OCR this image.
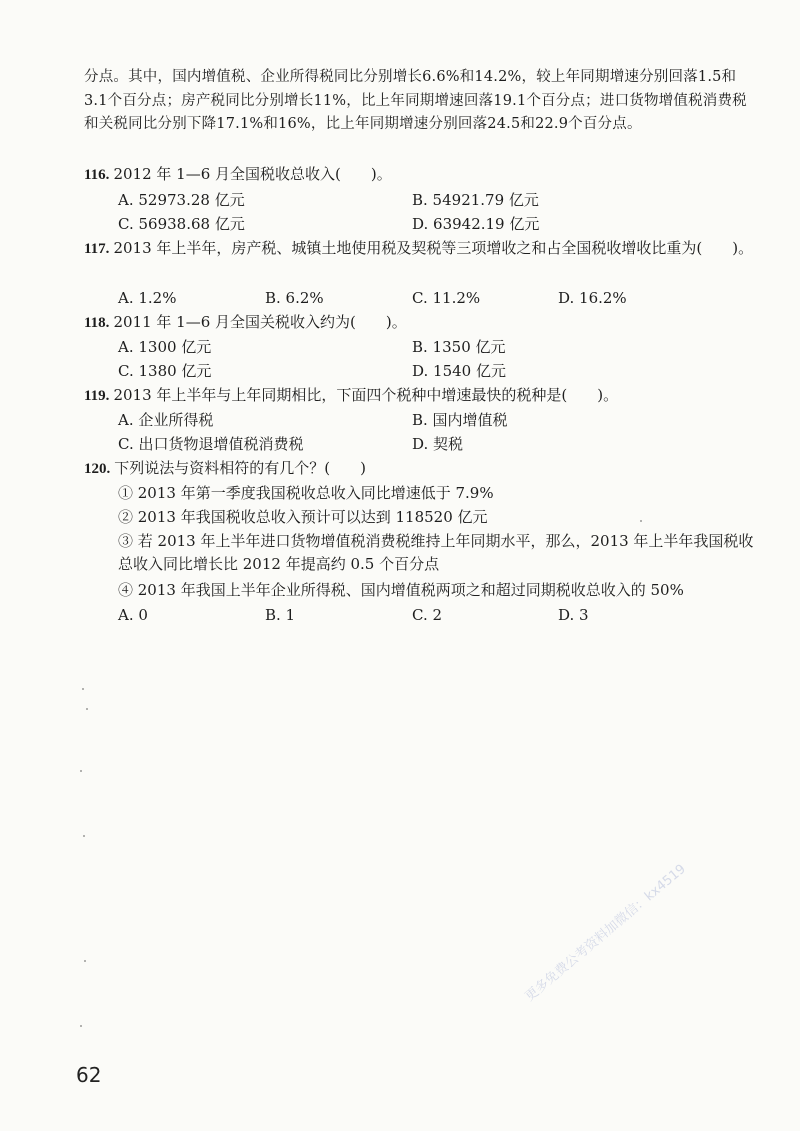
分点。其中，国内增值税、企业所得税同比分别增长6.6%和14.2%，较上年同期增速分别回落1.5和3.1个百分点；房产税同比分别增长11%，比上年同期增速回落19.1个百分点；进口货物增值税消费税和关税同比分别下降17.1%和16%，比上年同期增速分别回落24.5和22.9个百分点。
116. 2012 年 1—6 月全国税收总收入(　　)。
A. 52973.28 亿元	B. 54921.79 亿元
C. 56938.68 亿元	D. 63942.19 亿元
117. 2013 年上半年，房产税、城镇土地使用税及契税等三项增收之和占全国税收增收比重为(　　)。
A. 1.2%	B. 6.2%	C. 11.2%	D. 16.2%
118. 2011 年 1—6 月全国关税收入约为(　　)。
A. 1300 亿元	B. 1350 亿元
C. 1380 亿元	D. 1540 亿元
119. 2013 年上半年与上年同期相比，下面四个税种中增速最快的税种是(　　)。
A. 企业所得税	B. 国内增值税
C. 出口货物退增值税消费税	D. 契税
120. 下列说法与资料相符的有几个？(　　)
① 2013 年第一季度我国税收总收入同比增速低于 7.9%
② 2013 年我国税收总收入预计可以达到 118520 亿元
③ 若 2013 年上半年进口货物增值税消费税维持上年同期水平，那么，2013 年上半年我国税收总收入同比增长比 2012 年提高约 0.5 个百分点
④ 2013 年我国上半年企业所得税、国内增值税两项之和超过同期税收总收入的 50%
A. 0	B. 1	C. 2	D. 3
更多免费公考资料加微信：kx4519
62
